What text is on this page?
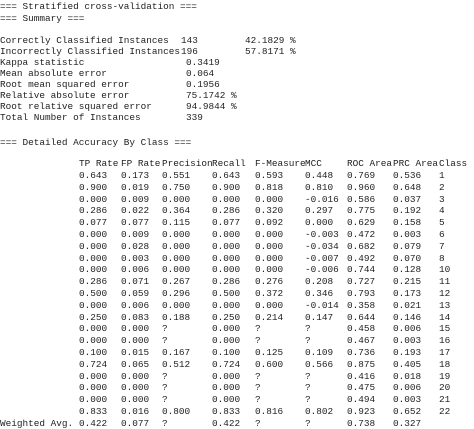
=== Stratified cross-validation ===
=== Summary ===
Correctly Classified Instances 143	42.1829 %
Incorrectly Classified Instances 196	57.8171 %
Kappa statistic	0.3419
Mean absolute error	0.064
Root mean squared error	0.1956
Relative absolute error	75.1742 %
Root relative squared error	94.9844 %
Total Number of Instances	339
=== Detailed Accuracy By Class ===
TP Rate FP Rate Precision Recall F-Measure MCC	ROC Area PRC Area Class
0.643 0.173 0.551 0.643 0.593 0.448 0.769 0.536 1
0.900 0.019 0.750 0.900 0.818 0.810 0.960 0.648 2
0.000 0.009 0.000 0.000 0.000 -0.016 0.586 0.037 3
0.286 0.022 0.364 0.286 0.320 0.297 0.775 0.192 4
0.077 0.077 0.115 0.077 0.092 0.000 0.629 0.158 5
0.000 0.009 0.000 0.000 0.000 -0.003 0.472 0.003 6
0.000 0.028 0.000 0.000 0.000 -0.034 0.682 0.079 7
0.000 0.003 0.000 0.000 0.000 -0.007 0.492 0.070 8
0.000 0.006 0.000 0.000 0.000 -0.006 0.744 0.128 10
0.286 0.071 0.267 0.286 0.276 0.208 0.727 0.215 11
0.500 0.059 0.296 0.500 0.372 0.346 0.793 0.173 12
0.000 0.006 0.000 0.000 0.000 -0.014 0.358 0.021 13
0.250 0.083 0.188 0.250 0.214 0.147 0.644 0.146 14
0.000 0.000 ?	0.000 ?	?	0.458 0.006 15
0.000 0.000 ?	0.000 ?	?	0.467 0.003 16
0.100 0.015 0.167 0.100 0.125 0.109 0.736 0.193 17
0.724 0.065 0.512 0.724 0.600 0.566 0.875 0.405 18
0.000 0.000 ?	0.000 ?	?	0.416 0.018 19
0.000 0.000 ?	0.000 ?	?	0.475 0.006 20
0.000 0.000 ?	0.000 ?	?	0.494 0.003 21
0.833 0.016 0.800 0.833 0.816 0.802 0.923 0.652 22
Weighted Avg. 0.422 0.077 ?	0.422 ?	?	0.738 0.327
